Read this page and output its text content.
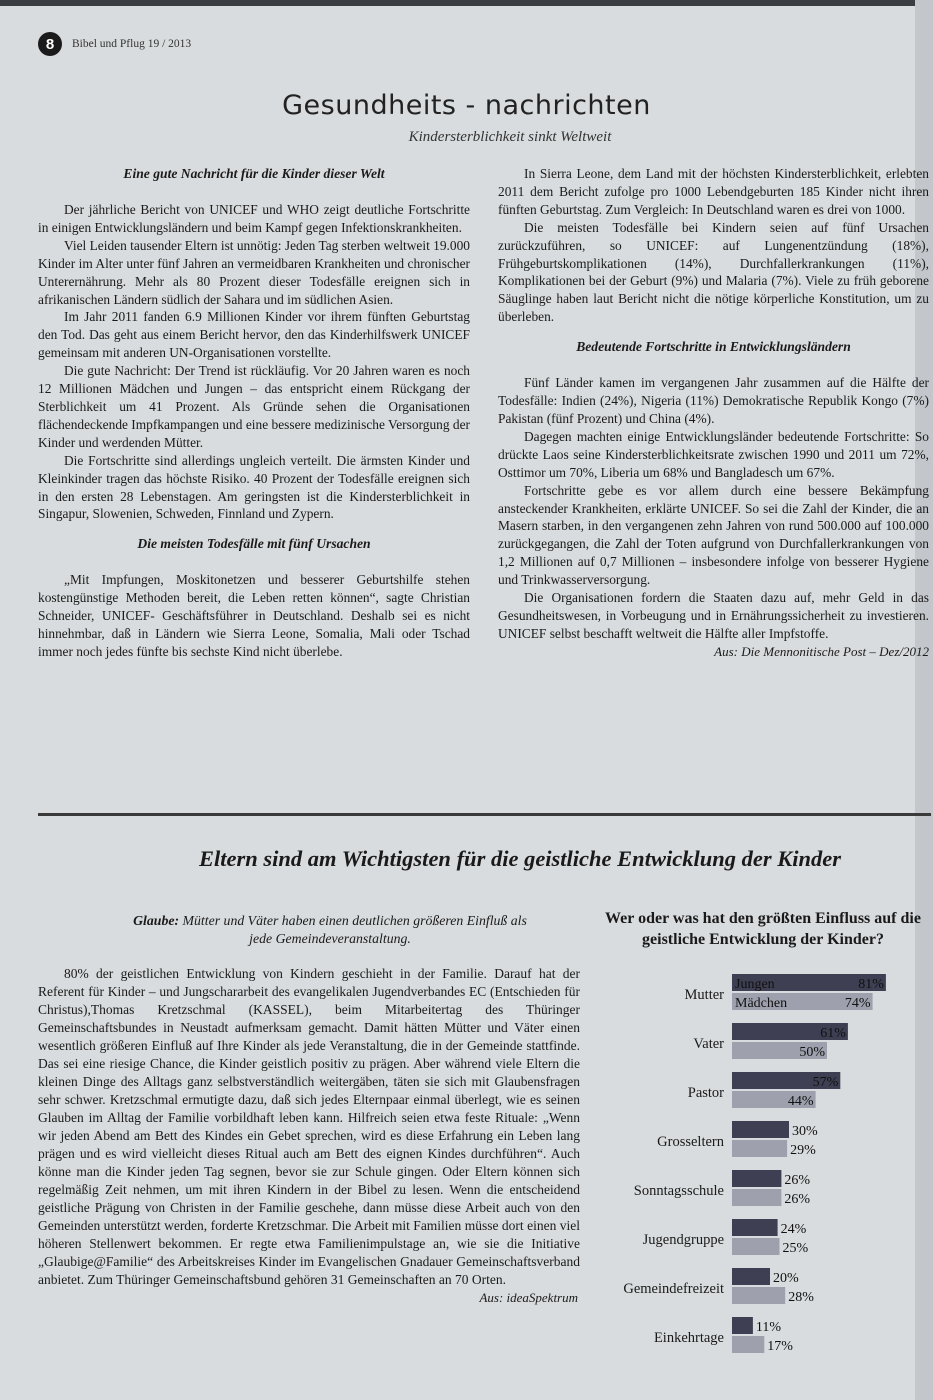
8	Bibel und Pflug 19 / 2013
Gesundheits - nachrichten
Kindersterblichkeit sinkt Weltweit
Eine gute Nachricht für die Kinder dieser Welt

Der jährliche Bericht von UNICEF und WHO zeigt deutliche Fortschritte in einigen Entwicklungsländern und beim Kampf gegen Infektionskrankheiten.

Viel Leiden tausender Eltern ist unnötig: Jeden Tag sterben weltweit 19.000 Kinder im Alter unter fünf Jahren an vermeidbaren Krankheiten und chronischer Unterernährung. Mehr als 80 Prozent dieser Todesfälle ereignen sich in afrikanischen Ländern südlich der Sahara und im südlichen Asien.

Im Jahr 2011 fanden 6.9 Millionen Kinder vor ihrem fünften Geburtstag den Tod. Das geht aus einem Bericht hervor, den das Kinderhilfswerk UNICEF gemeinsam mit anderen UN-Organisationen vorstellte.

Die gute Nachricht: Der Trend ist rückläufig. Vor 20 Jahren waren es noch 12 Millionen Mädchen und Jungen – das entspricht einem Rückgang der Sterblichkeit um 41 Prozent. Als Gründe sehen die Organisationen flächendeckende Impfkampangen und eine bessere medizinische Versorgung der Kinder und werdenden Mütter.

Die Fortschritte sind allerdings ungleich verteilt. Die ärmsten Kinder und Kleinkinder tragen das höchste Risiko. 40 Prozent der Todesfälle ereignen sich in den ersten 28 Lebenstagen. Am geringsten ist die Kindersterblichkeit in Singapur, Slowenien, Schweden, Finnland und Zypern.

Die meisten Todesfälle mit fünf Ursachen

„Mit Impfungen, Moskitonetzen und besserer Geburtshilfe stehen kostengünstige Methoden bereit, die Leben retten können“, sagte Christian Schneider, UNICEF- Geschäftsführer in Deutschland. Deshalb sei es nicht hinnehmbar, daß in Ländern wie Sierra Leone, Somalia, Mali oder Tschad immer noch jedes fünfte bis sechste Kind nicht überlebe.

In Sierra Leone, dem Land mit der höchsten Kindersterblichkeit, erlebten 2011 dem Bericht zufolge pro 1000 Lebendgeburten 185 Kinder nicht ihren fünften Geburtstag. Zum Vergleich: In Deutschland waren es drei von 1000.

Die meisten Todesfälle bei Kindern seien auf fünf Ursachen zurückzuführen, so UNICEF: auf Lungenentzündung (18%), Frühgeburtskomplikationen (14%), Durchfallerkrankungen (11%), Komplikationen bei der Geburt (9%) und Malaria (7%). Viele zu früh geborene Säuglinge haben laut Bericht nicht die nötige körperliche Konstitution, um zu überleben.

Bedeutende Fortschritte in Entwicklungsländern

Fünf Länder kamen im vergangenen Jahr zusammen auf die Hälfte der Todesfälle: Indien (24%), Nigeria (11%) Demokratische Republik Kongo (7%) Pakistan (fünf Prozent) und China (4%).

Dagegen machten einige Entwicklungsländer bedeutende Fortschritte: So drückte Laos seine Kindersterblichkeitsrate zwischen 1990 und 2011 um 72%, Osttimor um 70%, Liberia um 68% und Bangladesch um 67%.

Fortschritte gebe es vor allem durch eine bessere Bekämpfung ansteckender Krankheiten, erklärte UNICEF. So sei die Zahl der Kinder, die an Masern starben, in den vergangenen zehn Jahren von rund 500.000 auf 100.000 zurückgegangen, die Zahl der Toten aufgrund von Durchfallerkrankungen von 1,2 Millionen auf 0,7 Millionen – insbesondere infolge von besserer Hygiene und Trinkwasserversorgung.

Die Organisationen fordern die Staaten dazu auf, mehr Geld in das Gesundheitswesen, in Vorbeugung und in Ernährungssicherheit zu investieren. UNICEF selbst beschafft weltweit die Hälfte aller Impfstoffe.

Aus: Die Mennonitische Post – Dez/2012

Eltern sind am Wichtigsten für die geistliche Entwicklung der Kinder
Glaube: Mütter und Väter haben einen deutlichen größeren Einfluß als jede Gemeindeveranstaltung.

80% der geistlichen Entwicklung von Kindern geschieht in der Familie. Darauf hat der Referent für Kinder – und Jungschararbeit des evangelikalen Jugendverbandes EC (Entschieden für Christus),Thomas Kretzschmal (KASSEL), beim Mitarbeitertag des Thüringer Gemeinschaftsbundes in Neustadt aufmerksam gemacht. Damit hätten Mütter und Väter einen wesentlich größeren Einfluß auf Ihre Kinder als jede Veranstaltung, die in der Gemeinde stattfinde. Das sei eine riesige Chance, die Kinder geistlich positiv zu prägen. Aber während viele Eltern die kleinen Dinge des Alltags ganz selbstverständlich weitergäben, täten sie sich mit Glaubensfragen sehr schwer. Kretzschmal ermutigte dazu, daß sich jedes Elternpaar einmal überlegt, wie es seinen Glauben im Alltag der Familie vorbildhaft leben kann. Hilfreich seien etwa feste Rituale: „Wenn wir jeden Abend am Bett des Kindes ein Gebet sprechen, wird es diese Erfahrung ein Leben lang prägen und es wird vielleicht dieses Ritual auch am Bett des eignen Kindes durchführen“. Auch könne man die Kinder jeden Tag segnen, bevor sie zur Schule gingen. Oder Eltern können sich regelmäßig Zeit nehmen, um mit ihren Kindern in der Bibel zu lesen. Wenn die entscheidend geistliche Prägung von Christen in der Familie geschehe, dann müsse diese Arbeit auch von den Gemeinden unterstützt werden, forderte Kretzschmar. Die Arbeit mit Familien müsse dort einen viel höheren Stellenwert bekommen. Er regte etwa Familienimpulstage an, wie sie die Initiative „Glaubige@Familie“ des Arbeitskreises Kinder im Evangelischen Gnadauer Gemeinschaftsverband anbietet. Zum Thüringer Gemeinschaftsbund gehören 31 Gemeinschaften an 70 Orten.

Aus: ideaSpektrum

Wer oder was hat den größten Einfluss auf die geistliche Entwicklung der Kinder?
Mutter
81%
Jungen
74%
Mädchen
Vater
61%
50%
Pastor
57%
44%
Grosseltern
30%
29%
Sonntagsschule
26%
26%
Jugendgruppe
24%
25%
Gemeindefreizeit
20%
28%
Einkehrtage
11%
17%
